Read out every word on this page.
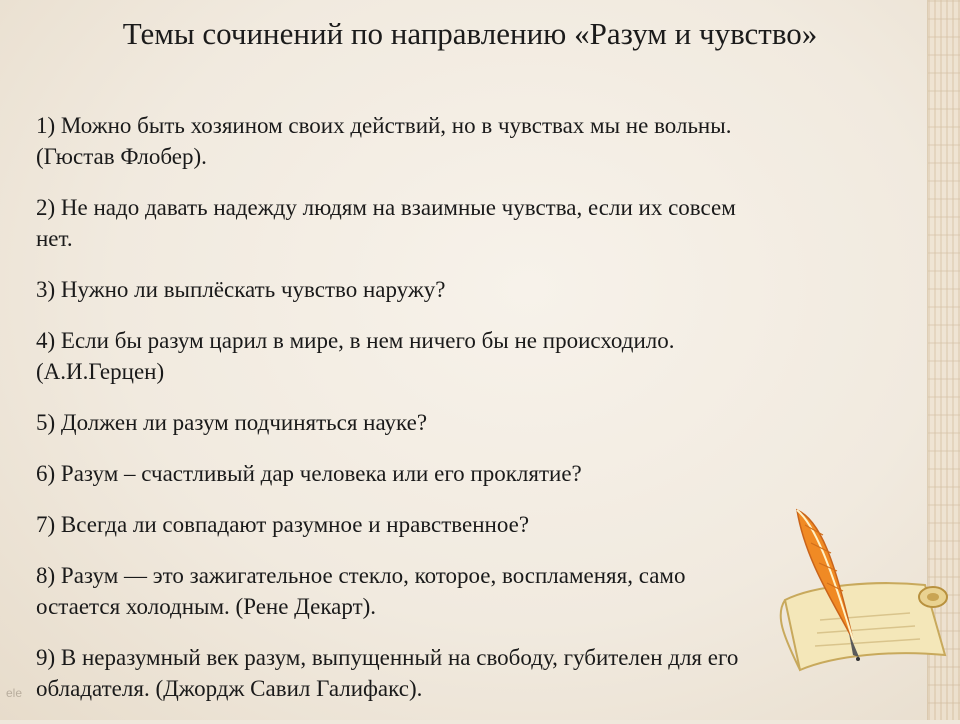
Темы сочинений по направлению «Разум и чувство»
1) Можно быть хозяином своих действий, но в чувствах мы не вольны.
(Гюстав Флобер).
2) Не надо давать надежду людям на взаимные чувства, если их совсем
нет.
3) Нужно ли выплёскать чувство наружу?
4) Если бы разум царил в мире, в нем ничего бы не происходило.
(А.И.Герцен)
5) Должен ли разум подчиняться науке?
6) Разум – счастливый дар человека или его проклятие?
7) Всегда ли совпадают разумное и нравственное?
8) Разум — это зажигательное стекло, которое, воспламеняя, само
остается холодным. (Рене Декарт).
9) В неразумный век разум, выпущенный на свободу, губителен для его
обладателя. (Джордж Савил Галифакс).
ele
